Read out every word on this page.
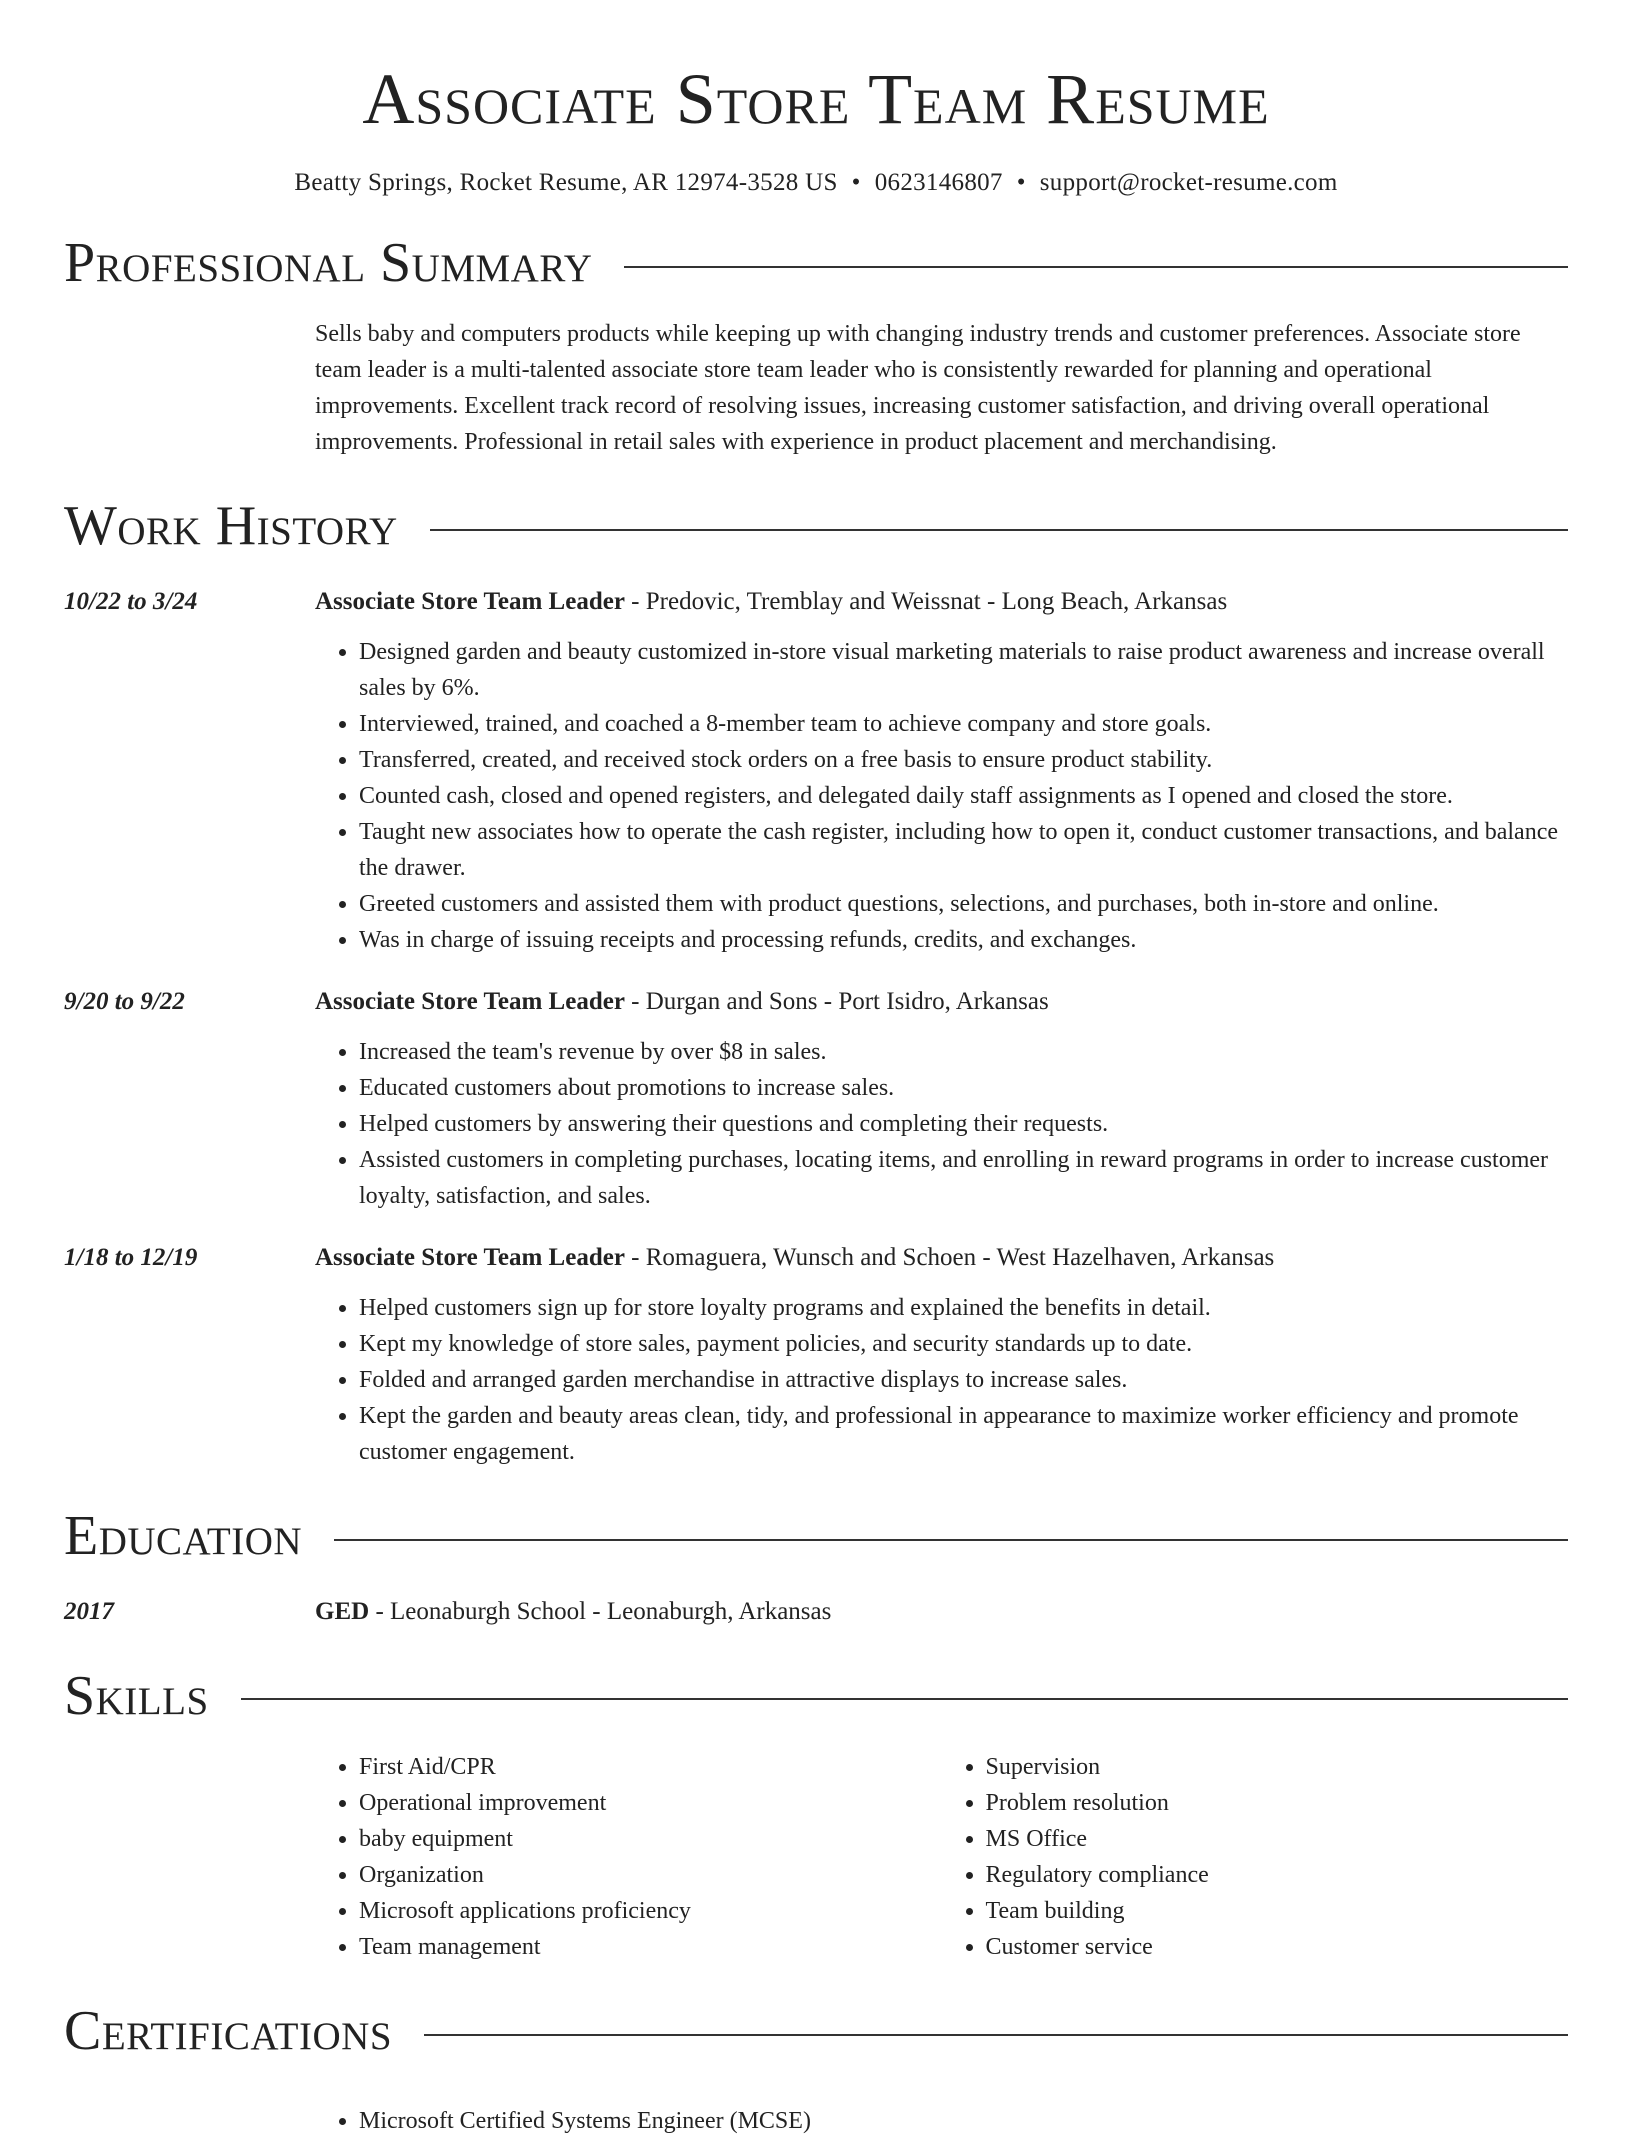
Associate Store Team Resume
Beatty Springs, Rocket Resume, AR 12974-3528 US • 0623146807 • support@rocket-resume.com
Professional Summary
Sells baby and computers products while keeping up with changing industry trends and customer preferences. Associate store team leader is a multi-talented associate store team leader who is consistently rewarded for planning and operational improvements. Excellent track record of resolving issues, increasing customer satisfaction, and driving overall operational improvements. Professional in retail sales with experience in product placement and merchandising.
Work History
10/22 to 3/24	Associate Store Team Leader - Predovic, Tremblay and Weissnat - Long Beach, Arkansas
• Designed garden and beauty customized in-store visual marketing materials to raise product awareness and increase overall sales by 6%.
• Interviewed, trained, and coached a 8-member team to achieve company and store goals.
• Transferred, created, and received stock orders on a free basis to ensure product stability.
• Counted cash, closed and opened registers, and delegated daily staff assignments as I opened and closed the store.
• Taught new associates how to operate the cash register, including how to open it, conduct customer transactions, and balance the drawer.
• Greeted customers and assisted them with product questions, selections, and purchases, both in-store and online.
• Was in charge of issuing receipts and processing refunds, credits, and exchanges.
9/20 to 9/22	Associate Store Team Leader - Durgan and Sons - Port Isidro, Arkansas
• Increased the team's revenue by over $8 in sales.
• Educated customers about promotions to increase sales.
• Helped customers by answering their questions and completing their requests.
• Assisted customers in completing purchases, locating items, and enrolling in reward programs in order to increase customer loyalty, satisfaction, and sales.
1/18 to 12/19	Associate Store Team Leader - Romaguera, Wunsch and Schoen - West Hazelhaven, Arkansas
• Helped customers sign up for store loyalty programs and explained the benefits in detail.
• Kept my knowledge of store sales, payment policies, and security standards up to date.
• Folded and arranged garden merchandise in attractive displays to increase sales.
• Kept the garden and beauty areas clean, tidy, and professional in appearance to maximize worker efficiency and promote customer engagement.
Education
2017	GED - Leonaburgh School - Leonaburgh, Arkansas
Skills
• First Aid/CPR
• Operational improvement
• baby equipment
• Organization
• Microsoft applications proficiency
• Team management
• Supervision
• Problem resolution
• MS Office
• Regulatory compliance
• Team building
• Customer service
Certifications
• Microsoft Certified Systems Engineer (MCSE)
